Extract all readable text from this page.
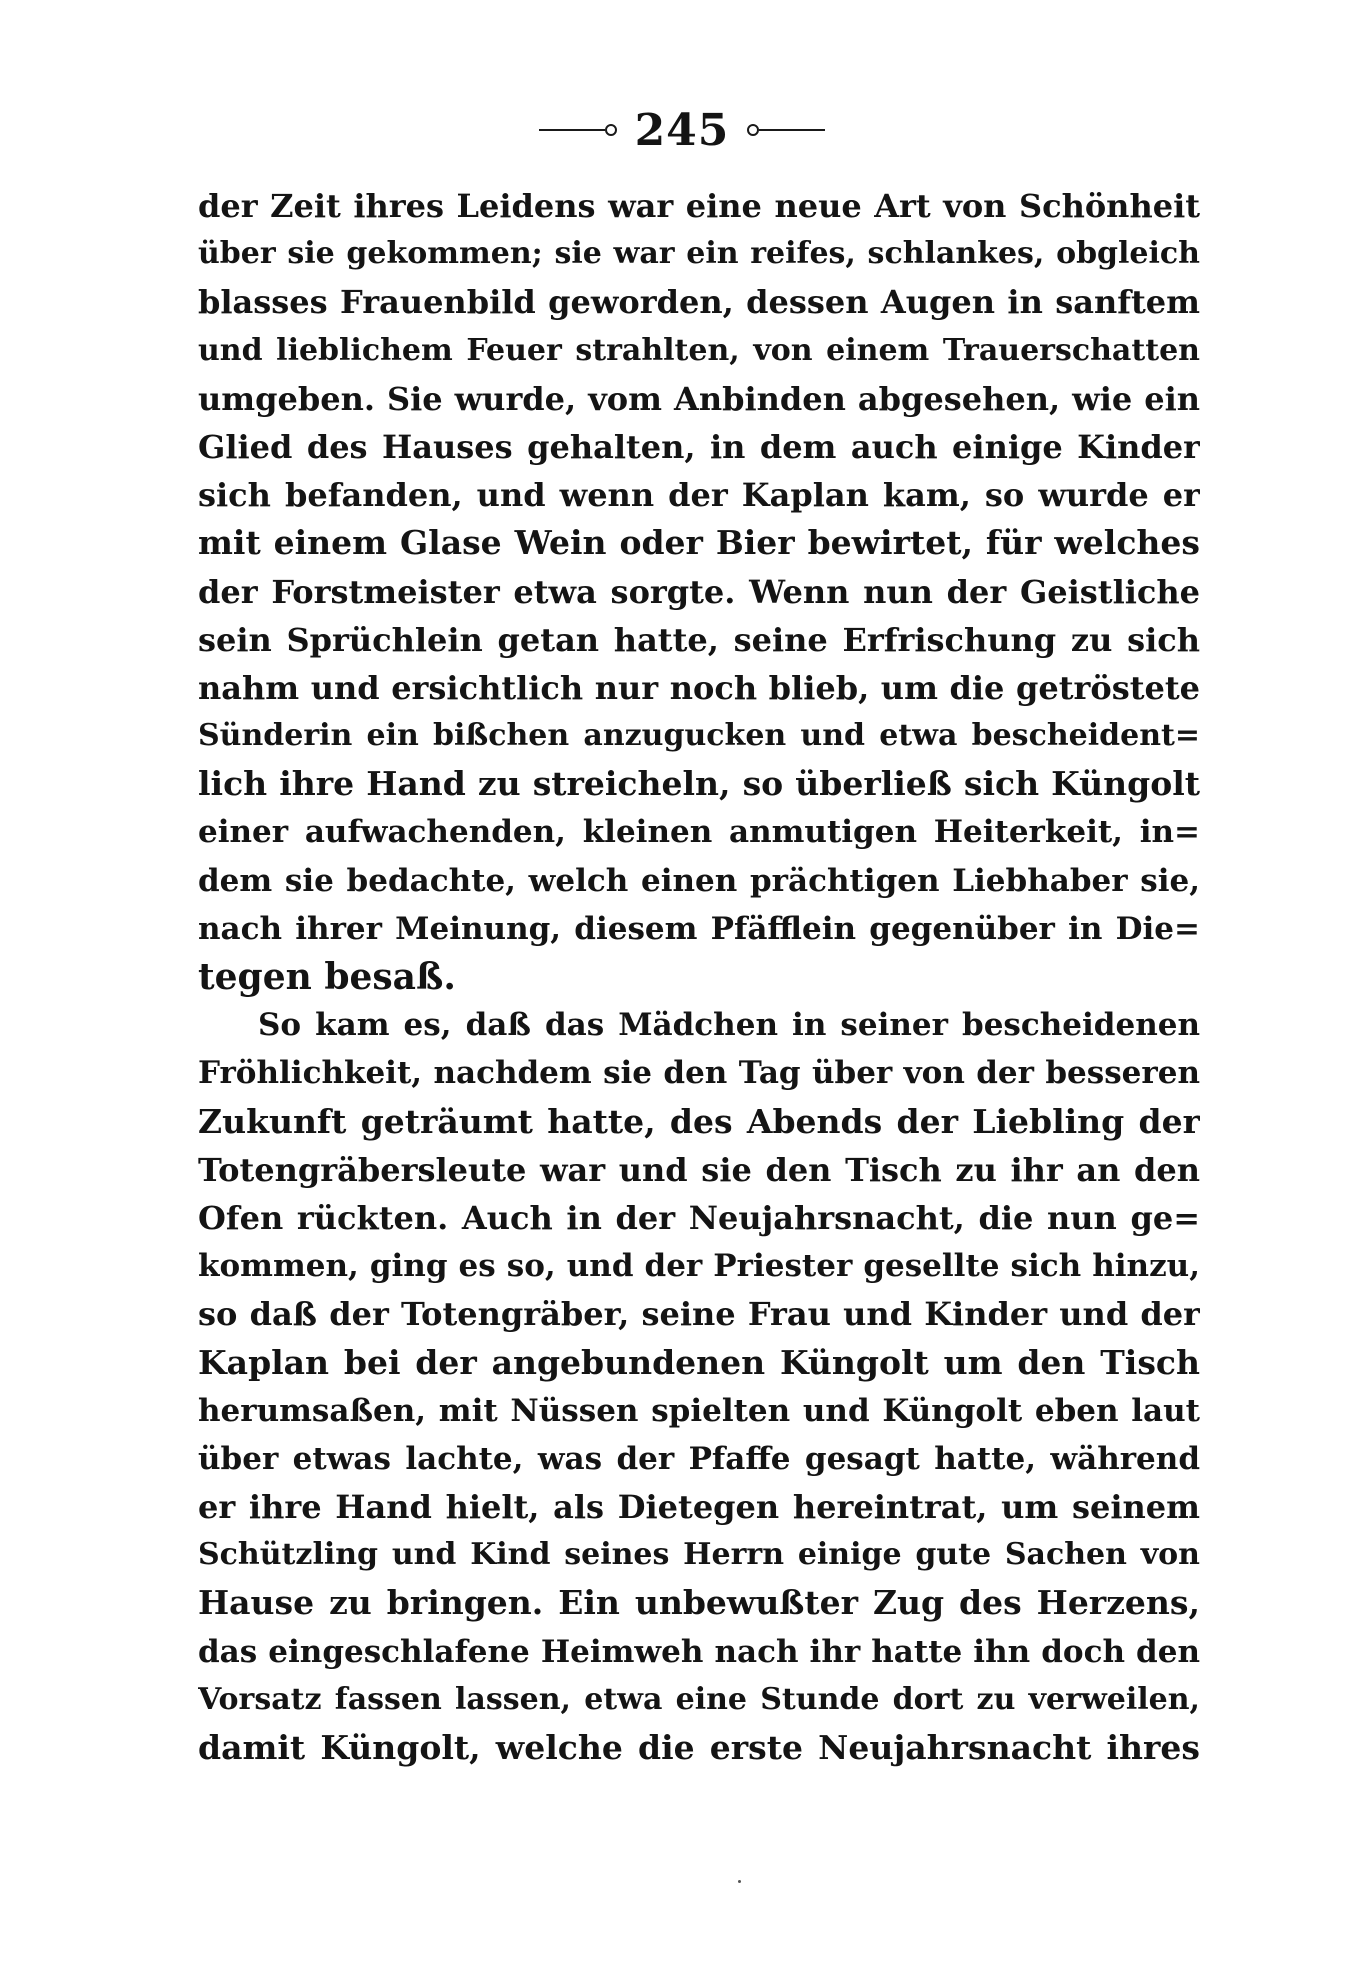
245
der Zeit ihres Leidens war eine neue Art von Schönheit
über sie gekommen; sie war ein reifes, schlankes, obgleich
blasses Frauenbild geworden, dessen Augen in sanftem
und lieblichem Feuer strahlten, von einem Trauerschatten
umgeben. Sie wurde, vom Anbinden abgesehen, wie ein
Glied des Hauses gehalten, in dem auch einige Kinder
sich befanden, und wenn der Kaplan kam, so wurde er
mit einem Glase Wein oder Bier bewirtet, für welches
der Forstmeister etwa sorgte. Wenn nun der Geistliche
sein Sprüchlein getan hatte, seine Erfrischung zu sich
nahm und ersichtlich nur noch blieb, um die getröstete
Sünderin ein bißchen anzugucken und etwa bescheident=
lich ihre Hand zu streicheln, so überließ sich Küngolt
einer aufwachenden, kleinen anmutigen Heiterkeit, in=
dem sie bedachte, welch einen prächtigen Liebhaber sie,
nach ihrer Meinung, diesem Pfäfflein gegenüber in Die=
tegen besaß.
So kam es, daß das Mädchen in seiner bescheidenen
Fröhlichkeit, nachdem sie den Tag über von der besseren
Zukunft geträumt hatte, des Abends der Liebling der
Totengräbersleute war und sie den Tisch zu ihr an den
Ofen rückten. Auch in der Neujahrsnacht, die nun ge=
kommen, ging es so, und der Priester gesellte sich hinzu,
so daß der Totengräber, seine Frau und Kinder und der
Kaplan bei der angebundenen Küngolt um den Tisch
herumsaßen, mit Nüssen spielten und Küngolt eben laut
über etwas lachte, was der Pfaffe gesagt hatte, während
er ihre Hand hielt, als Dietegen hereintrat, um seinem
Schützling und Kind seines Herrn einige gute Sachen von
Hause zu bringen. Ein unbewußter Zug des Herzens,
das eingeschlafene Heimweh nach ihr hatte ihn doch den
Vorsatz fassen lassen, etwa eine Stunde dort zu verweilen,
damit Küngolt, welche die erste Neujahrsnacht ihres
